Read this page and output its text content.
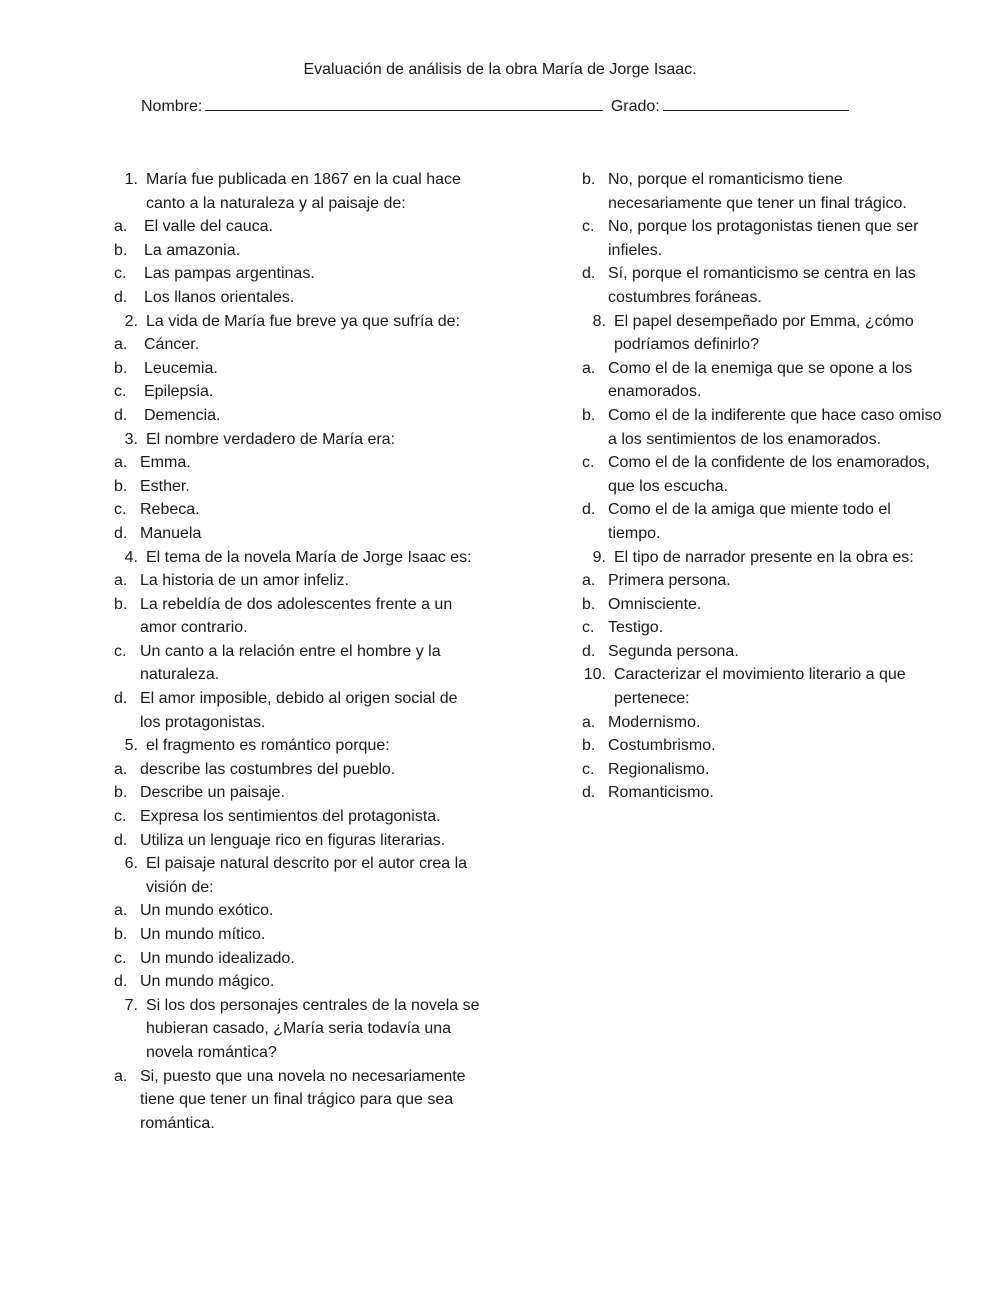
Evaluación de análisis de la obra María de Jorge Isaac.
Nombre:	Grado:
1. María fue publicada en 1867 en la cual hace canto a la naturaleza y al paisaje de:
a. El valle del cauca.
b. La amazonia.
c. Las pampas argentinas.
d. Los llanos orientales.
2. La vida de María fue breve ya que sufría de:
a. Cáncer.
b. Leucemia.
c. Epilepsia.
d. Demencia.
3. El nombre verdadero de María era:
a. Emma.
b. Esther.
c. Rebeca.
d. Manuela
4. El tema de la novela María de Jorge Isaac es:
a. La historia de un amor infeliz.
b. La rebeldía de dos adolescentes frente a un amor contrario.
c. Un canto a la relación entre el hombre y la naturaleza.
d. El amor imposible, debido al origen social de los protagonistas.
5. el fragmento es romántico porque:
a. describe las costumbres del pueblo.
b. Describe un paisaje.
c. Expresa los sentimientos del protagonista.
d. Utiliza un lenguaje rico en figuras literarias.
6. El paisaje natural descrito por el autor crea la visión de:
a. Un mundo exótico.
b. Un mundo mítico.
c. Un mundo idealizado.
d. Un mundo mágico.
7. Si los dos personajes centrales de la novela se hubieran casado, ¿María seria todavía una novela romántica?
a. Si, puesto que una novela no necesariamente tiene que tener un final trágico para que sea romántica.
b. No, porque el romanticismo tiene necesariamente que tener un final trágico.
c. No, porque los protagonistas tienen que ser infieles.
d. Sí, porque el romanticismo se centra en las costumbres foráneas.
8. El papel desempeñado por Emma, ¿cómo podríamos definirlo?
a. Como el de la enemiga que se opone a los enamorados.
b. Como el de la indiferente que hace caso omiso a los sentimientos de los enamorados.
c. Como el de la confidente de los enamorados, que los escucha.
d. Como el de la amiga que miente todo el tiempo.
9. El tipo de narrador presente en la obra es:
a. Primera persona.
b. Omnisciente.
c. Testigo.
d. Segunda persona.
10. Caracterizar el movimiento literario a que pertenece:
a. Modernismo.
b. Costumbrismo.
c. Regionalismo.
d. Romanticismo.
